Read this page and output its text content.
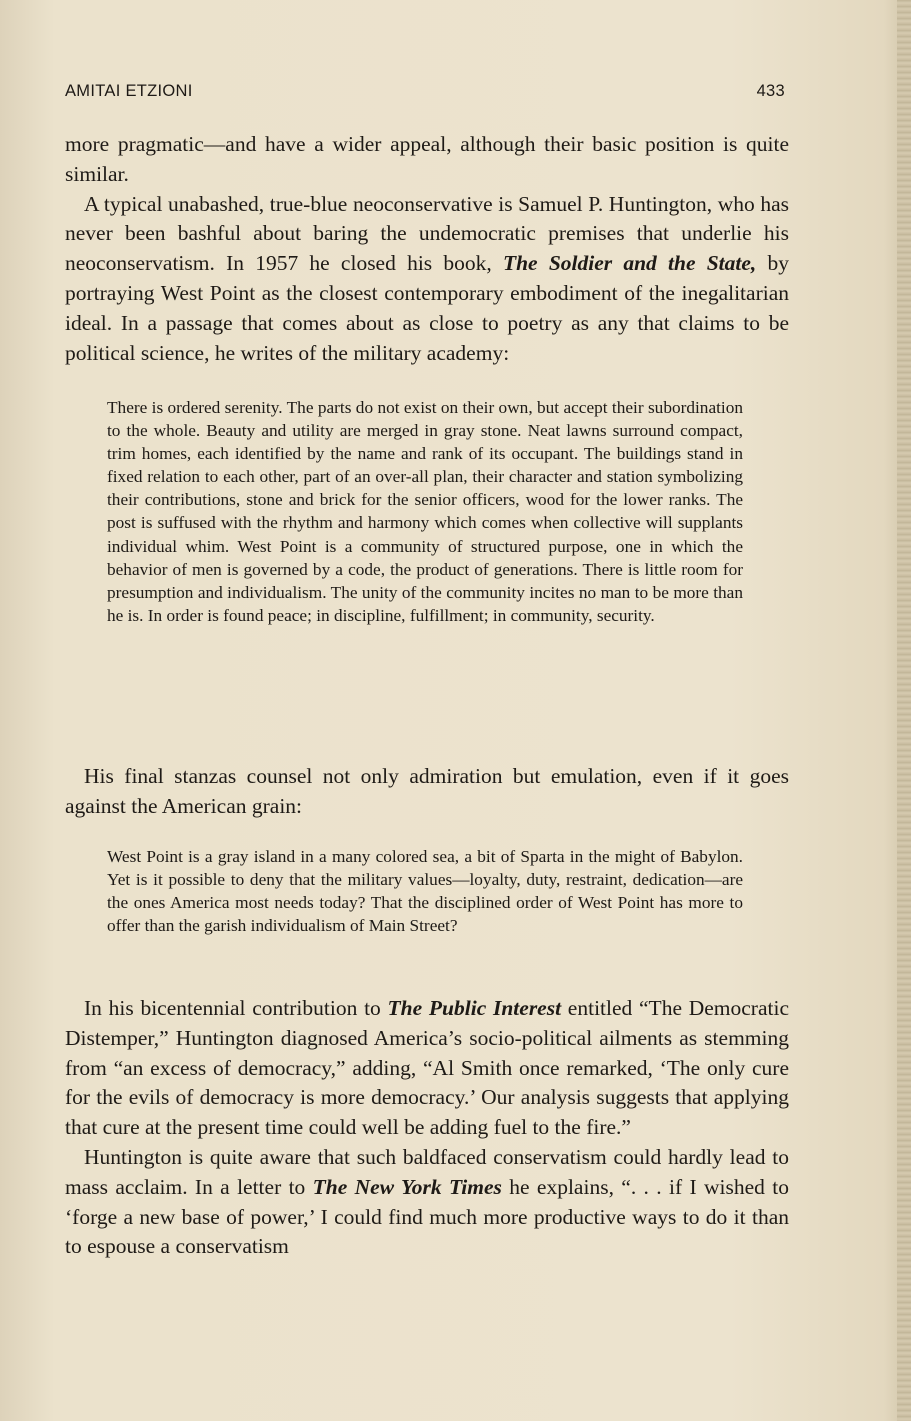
AMITAI ETZIONI	433

more pragmatic—and have a wider appeal, although their basic position is quite similar.

A typical unabashed, true-blue neoconservative is Samuel P. Huntington, who has never been bashful about baring the undemocratic premises that underlie his neoconservatism. In 1957 he closed his book, The Soldier and the State, by portraying West Point as the closest contemporary embodiment of the inegalitarian ideal. In a passage that comes about as close to poetry as any that claims to be political science, he writes of the military academy:

There is ordered serenity. The parts do not exist on their own, but accept their subordination to the whole. Beauty and utility are merged in gray stone. Neat lawns surround compact, trim homes, each identified by the name and rank of its occupant. The buildings stand in fixed relation to each other, part of an over-all plan, their character and station symbolizing their contributions, stone and brick for the senior officers, wood for the lower ranks. The post is suffused with the rhythm and harmony which comes when collective will supplants individual whim. West Point is a community of structured purpose, one in which the behavior of men is governed by a code, the product of generations. There is little room for presumption and individualism. The unity of the community incites no man to be more than he is. In order is found peace; in discipline, fulfillment; in community, security.

His final stanzas counsel not only admiration but emulation, even if it goes against the American grain:

West Point is a gray island in a many colored sea, a bit of Sparta in the might of Babylon. Yet is it possible to deny that the military values—loyalty, duty, restraint, dedication—are the ones America most needs today? That the disciplined order of West Point has more to offer than the garish individualism of Main Street?

In his bicentennial contribution to The Public Interest entitled “The Democratic Distemper,” Huntington diagnosed America’s socio-political ailments as stemming from “an excess of democracy,” adding, “Al Smith once remarked, ‘The only cure for the evils of democracy is more democracy.’ Our analysis suggests that applying that cure at the present time could well be adding fuel to the fire.”

Huntington is quite aware that such baldfaced conservatism could hardly lead to mass acclaim. In a letter to The New York Times he explains, “. . . if I wished to ‘forge a new base of power,’ I could find much more productive ways to do it than to espouse a conservatism
